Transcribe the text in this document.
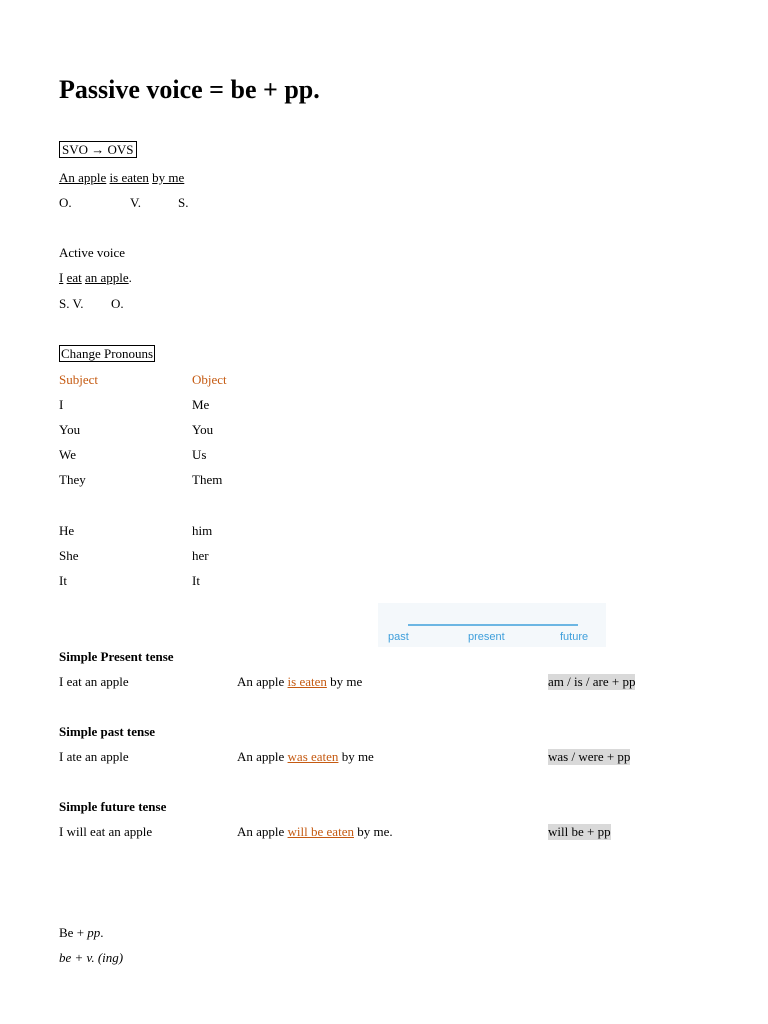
Passive voice = be + pp.
SVO → OVS
An apple is eaten by me
O.	V.	S.
Active voice
I eat an apple.
S. V. O.
Change Pronouns
Subject	Object
I	Me
You	You
We	Us
They	Them
He	him
She	her
It	It
past	present	future
Simple Present tense
I eat an apple	An apple is eaten by me	am / is / are + pp
Simple past tense
I ate an apple	An apple was eaten by me	was / were + pp
Simple future tense
I will eat an apple	An apple will be eaten by me.	will be + pp
Be + pp.
be + v. (ing)
